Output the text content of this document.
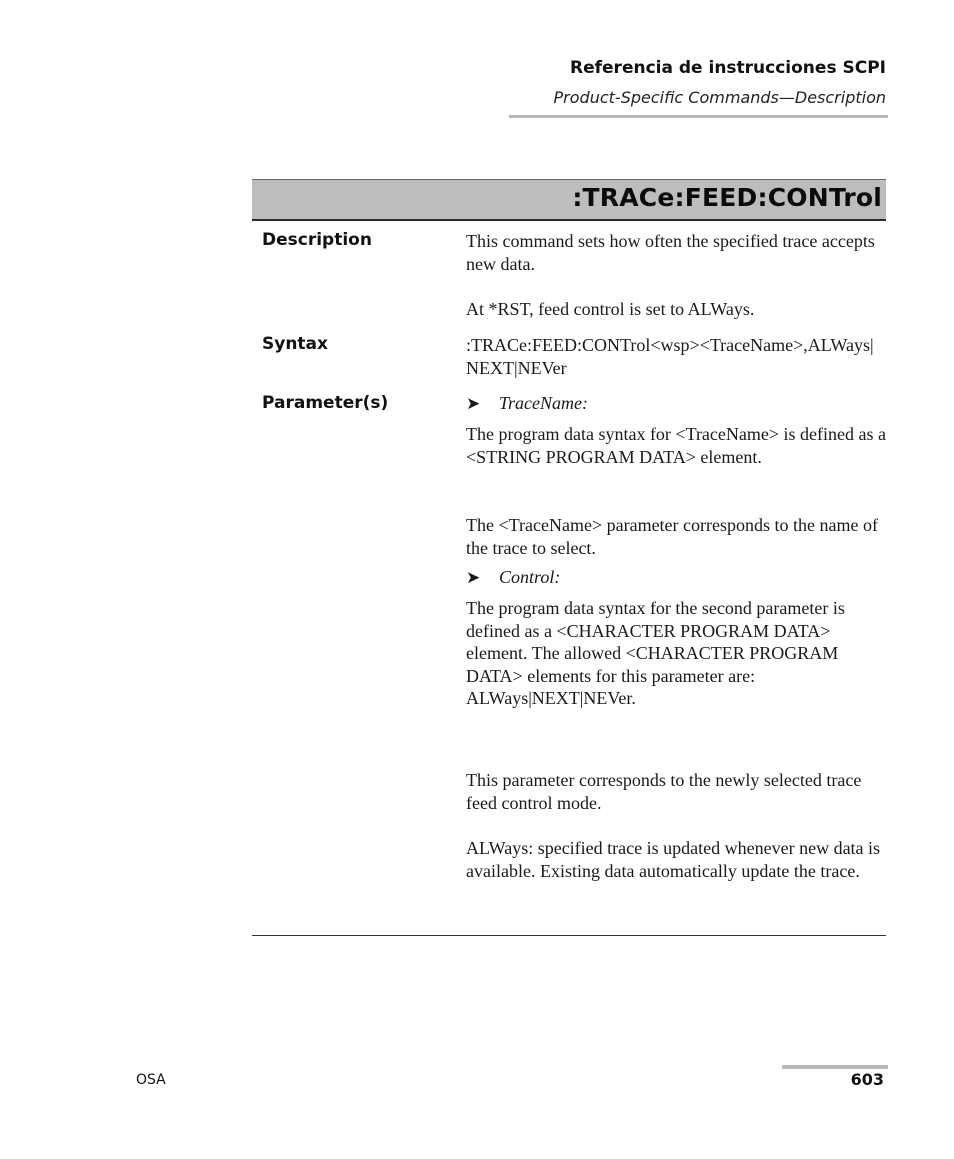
Referencia de instrucciones SCPI
Product-Specific Commands—Description
:TRACe:FEED:CONTrol
Description	This command sets how often the specified trace accepts new data.

At *RST, feed control is set to ALWays.

Syntax	:TRACe:FEED:CONTrol<wsp><TraceName>,ALWays|NEXT|NEVer

Parameter(s)	➤ TraceName:

The program data syntax for <TraceName> is defined as a <STRING PROGRAM DATA> element.

The <TraceName> parameter corresponds to the name of the trace to select.

➤ Control:

The program data syntax for the second parameter is defined as a <CHARACTER PROGRAM DATA> element. The allowed <CHARACTER PROGRAM DATA> elements for this parameter are: ALWays|NEXT|NEVer.

This parameter corresponds to the newly selected trace feed control mode.

ALWays: specified trace is updated whenever new data is available. Existing data automatically update the trace.

OSA	603
